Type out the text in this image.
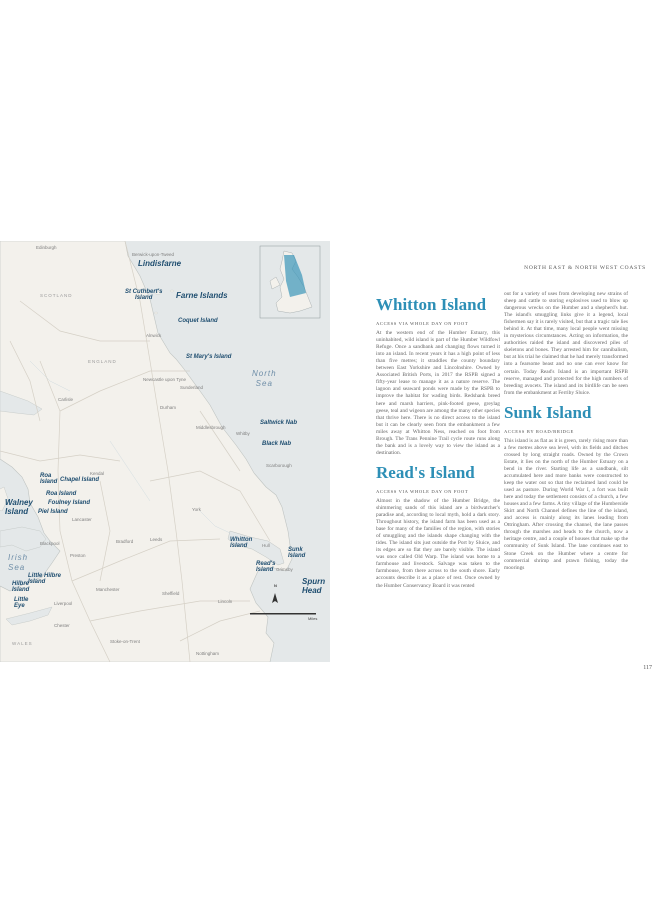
SCOTLAND
ENGLAND
WALES
North
Sea
Irish
Sea
Lindisfarne
St Cuthbert's
Island	Farne Islands
Coquet Island
St Mary's Island
Saltwick Nab
Black Nab
Roa
Island Chapel Island
Walney
Island
Roa Island
Foulney Island
Piel Island
Whitton
Island
Read's
Island
Sunk
Island
Spurn
Head
Little Hilbre
Island
Hilbre
Island
Little
Eye
Edinburgh
Berwick-upon-Tweed
Alnwick
Newcastle upon Tyne
Sunderland
Carlisle
Durham
Middlesbrough
Whitby
Scarborough
Kendal
Lancaster
York
Leeds
Bradford
Hull
Preston
Blackpool
Manchester
Liverpool
Sheffield
Lincoln
Grimsby
Chester
Stoke-on-Trent
Nottingham
N
Miles
NORTH EAST & NORTH WEST COASTS
Whitton Island
ACCESS VIA WHOLE DAY ON FOOT
At the western end of the Humber Estuary, this uninhabited, wild island is part of the Humber Wildfowl Refuge. Once a sandbank and changing flows turned it into an island. In recent years it has a high point of less than five metres; it straddles the county boundary between East Yorkshire and Lincolnshire. Owned by Associated British Ports, in 2017 the RSPB signed a fifty-year lease to manage it as a nature reserve. The lagoon and seaward ponds were made by the RSPB to improve the habitat for wading birds. Redshank breed here and marsh harriers, pink-footed geese, greylag geese, teal and wigeon are among the many other species that thrive here. There is no direct access to the island but it can be clearly seen from the embankment a few miles away at Whitton Ness, reached on foot from Brough. The Trans Pennine Trail cycle route runs along the bank and is a lovely way to view the island as a destination.
Read's Island
ACCESS VIA WHOLE DAY ON FOOT
Almost in the shadow of the Humber Bridge, the shimmering sands of this island are a birdwatcher's paradise and, according to local myth, hold a dark story. Throughout history, the island farm has been used as a base for many of the families of the region, with stories of smuggling and the islands shape changing with the tides. The island sits just outside the Port by Sluice, and its edges are so flat they are barely visible. The island was once called Old Warp. The island was home to a farmhouse and livestock. Salvage was taken to the farmhouse, from there across to the south shore. Early accounts describe it as a place of rest. Once owned by the Humber Conservancy Board it was rented
out for a variety of uses from developing new strains of sheep and cattle to storing explosives used to blow up dangerous wrecks on the Humber and a shepherd's hut. The island's smuggling links give it a legend, local fishermen say it is rarely visited, but that a tragic tale lies behind it. At that time, many local people went missing in mysterious circumstances. Acting on information, the authorities raided the island and discovered piles of skeletons and bones. They arrested him for cannibalism, but at his trial he claimed that he had merely transformed into a fearsome beast and no one can ever know for certain. Today Read's Island is an important RSPB reserve, managed and protected for the high numbers of breeding avocets. The island and its birdlife can be seen from the embankment at Ferriby Sluice.
Sunk Island
ACCESS BY ROAD/BRIDGE
This island is as flat as it is green, rarely rising more than a few metres above sea level, with its fields and ditches crossed by long straight roads. Owned by the Crown Estate, it lies on the north of the Humber Estuary on a bend in the river. Starting life as a sandbank, silt accumulated here and more banks were constructed to keep the water out so that the reclaimed land could be used as pasture. During World War I, a fort was built here and today the settlement consists of a church, a few houses and a few farms. A tiny village of the Humberside Skirt and North Channel defines the line of the island, and access is mainly along its lanes leading from Ottringham. After crossing the channel, the lane passes through the marshes and heads to the church, now a heritage centre, and a couple of houses that make up the community of Sunk Island. The lane continues east to Stone Creek on the Humber where a centre for commercial shrimp and prawn fishing, today the moorings
117
